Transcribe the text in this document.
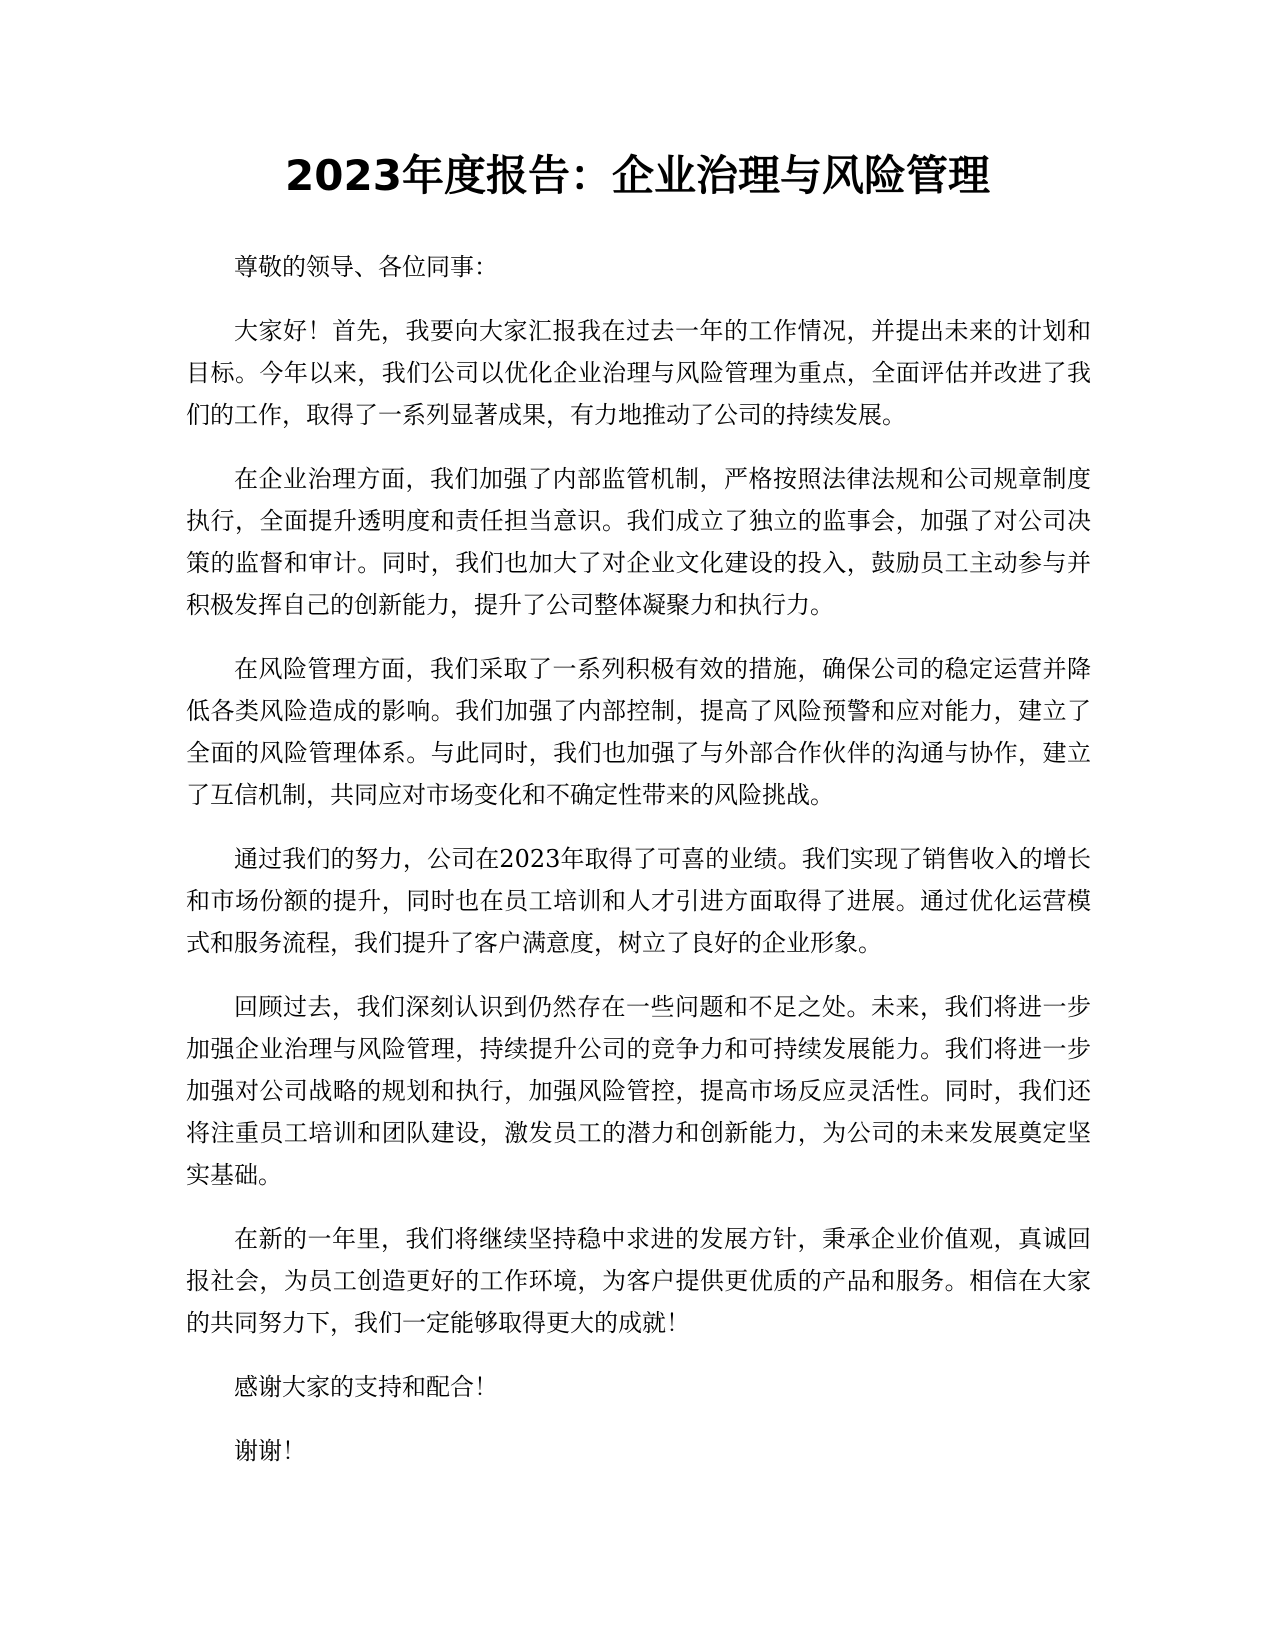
2023年度报告：企业治理与风险管理

尊敬的领导、各位同事：

大家好！首先，我要向大家汇报我在过去一年的工作情况，并提出未来的计划和目标。今年以来，我们公司以优化企业治理与风险管理为重点，全面评估并改进了我们的工作，取得了一系列显著成果，有力地推动了公司的持续发展。

在企业治理方面，我们加强了内部监管机制，严格按照法律法规和公司规章制度执行，全面提升透明度和责任担当意识。我们成立了独立的监事会，加强了对公司决策的监督和审计。同时，我们也加大了对企业文化建设的投入，鼓励员工主动参与并积极发挥自己的创新能力，提升了公司整体凝聚力和执行力。

在风险管理方面，我们采取了一系列积极有效的措施，确保公司的稳定运营并降低各类风险造成的影响。我们加强了内部控制，提高了风险预警和应对能力，建立了全面的风险管理体系。与此同时，我们也加强了与外部合作伙伴的沟通与协作，建立了互信机制，共同应对市场变化和不确定性带来的风险挑战。

通过我们的努力，公司在2023年取得了可喜的业绩。我们实现了销售收入的增长和市场份额的提升，同时也在员工培训和人才引进方面取得了进展。通过优化运营模式和服务流程，我们提升了客户满意度，树立了良好的企业形象。

回顾过去，我们深刻认识到仍然存在一些问题和不足之处。未来，我们将进一步加强企业治理与风险管理，持续提升公司的竞争力和可持续发展能力。我们将进一步加强对公司战略的规划和执行，加强风险管控，提高市场反应灵活性。同时，我们还将注重员工培训和团队建设，激发员工的潜力和创新能力，为公司的未来发展奠定坚实基础。

在新的一年里，我们将继续坚持稳中求进的发展方针，秉承企业价值观，真诚回报社会，为员工创造更好的工作环境，为客户提供更优质的产品和服务。相信在大家的共同努力下，我们一定能够取得更大的成就！

感谢大家的支持和配合！

谢谢！
